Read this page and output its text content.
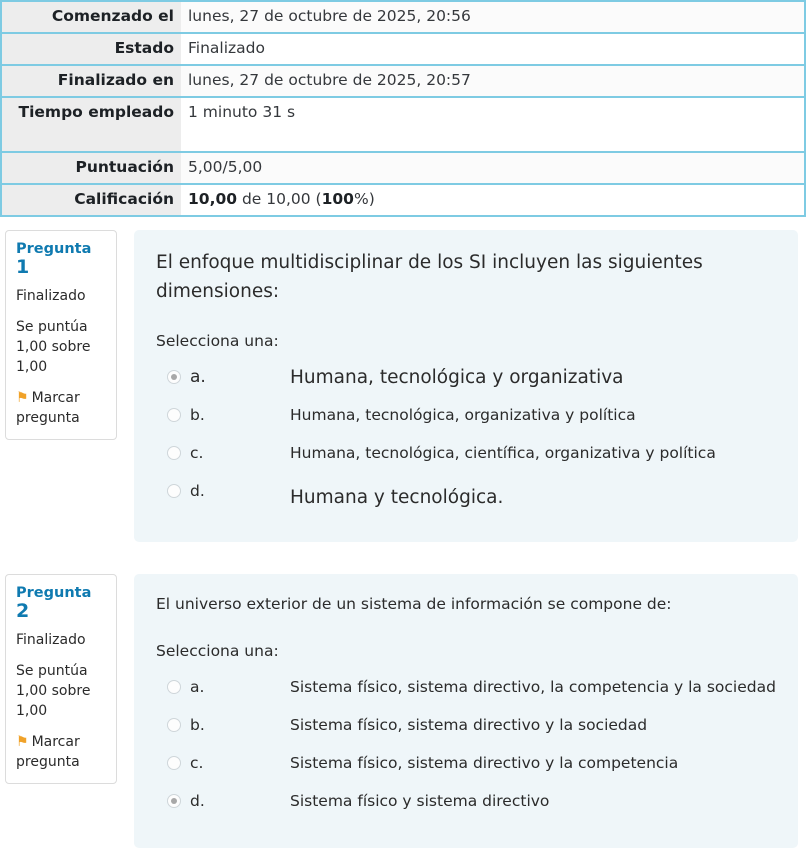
Comenzado el	lunes, 27 de octubre de 2025, 20:56
Estado	Finalizado
Finalizado en	lunes, 27 de octubre de 2025, 20:57
Tiempo empleado	1 minuto 31 s
Puntuación	5,00/5,00
Calificación	10,00 de 10,00 (100%)
Pregunta 1
Finalizado
Se puntúa 1,00 sobre 1,00
⚑ Marcar pregunta
El enfoque multidisciplinar de los SI incluyen las siguientes dimensiones:
Selecciona una:
a.	Humana, tecnológica y organizativa
b.	Humana, tecnológica, organizativa y política
c.	Humana, tecnológica, científica, organizativa y política
d.	Humana y tecnológica.
Pregunta 2
Finalizado
Se puntúa 1,00 sobre 1,00
⚑ Marcar pregunta
El universo exterior de un sistema de información se compone de:
Selecciona una:
a.	Sistema físico, sistema directivo, la competencia y la sociedad
b.	Sistema físico, sistema directivo y la sociedad
c.	Sistema físico, sistema directivo y la competencia
d.	Sistema físico y sistema directivo
